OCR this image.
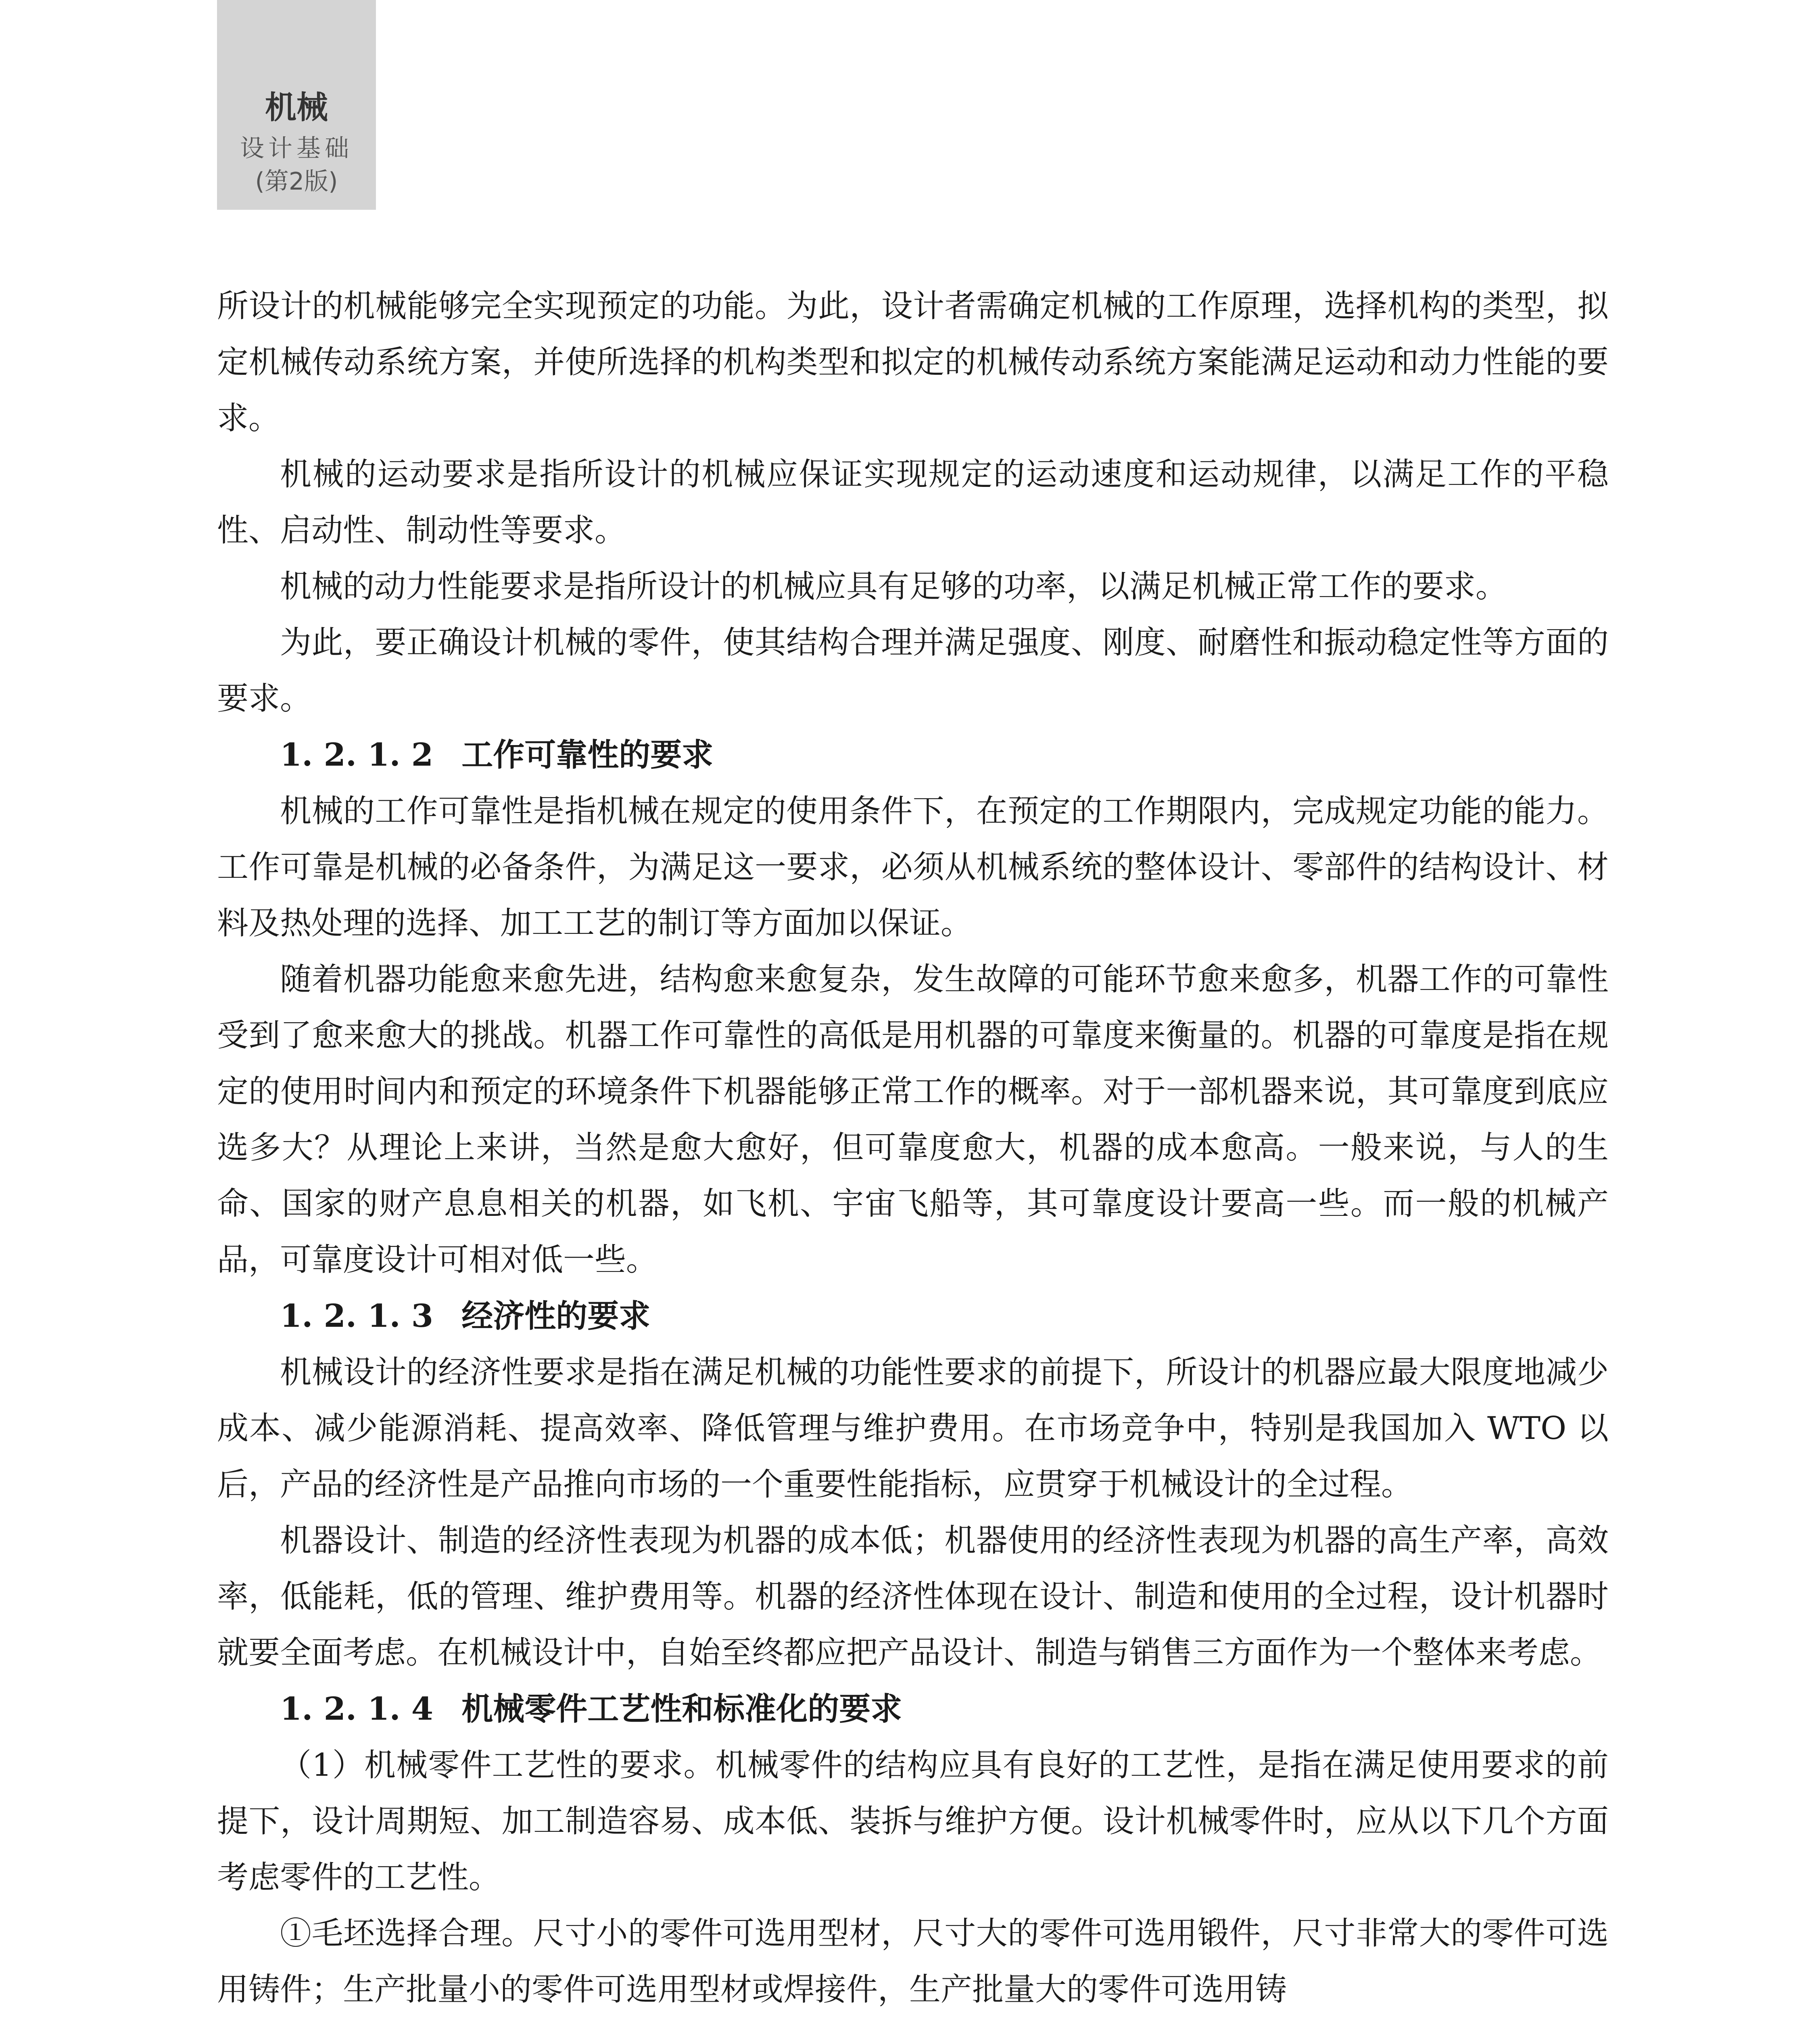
机械
设计基础
(第2版)

所设计的机械能够完全实现预定的功能。为此，设计者需确定机械的工作原理，选择机构的类型，拟定机械传动系统方案，并使所选择的机构类型和拟定的机械传动系统方案能满足运动和动力性能的要求。

机械的运动要求是指所设计的机械应保证实现规定的运动速度和运动规律，以满足工作的平稳性、启动性、制动性等要求。

机械的动力性能要求是指所设计的机械应具有足够的功率，以满足机械正常工作的要求。

为此，要正确设计机械的零件，使其结构合理并满足强度、刚度、耐磨性和振动稳定性等方面的要求。

1. 2. 1. 2 工作可靠性的要求

机械的工作可靠性是指机械在规定的使用条件下，在预定的工作期限内，完成规定功能的能力。工作可靠是机械的必备条件，为满足这一要求，必须从机械系统的整体设计、零部件的结构设计、材料及热处理的选择、加工工艺的制订等方面加以保证。

随着机器功能愈来愈先进，结构愈来愈复杂，发生故障的可能环节愈来愈多，机器工作的可靠性受到了愈来愈大的挑战。机器工作可靠性的高低是用机器的可靠度来衡量的。机器的可靠度是指在规定的使用时间内和预定的环境条件下机器能够正常工作的概率。对于一部机器来说，其可靠度到底应选多大？从理论上来讲，当然是愈大愈好，但可靠度愈大，机器的成本愈高。一般来说，与人的生命、国家的财产息息相关的机器，如飞机、宇宙飞船等，其可靠度设计要高一些。而一般的机械产品，可靠度设计可相对低一些。

1. 2. 1. 3 经济性的要求

机械设计的经济性要求是指在满足机械的功能性要求的前提下，所设计的机器应最大限度地减少成本、减少能源消耗、提高效率、降低管理与维护费用。在市场竞争中，特别是我国加入 WTO 以后，产品的经济性是产品推向市场的一个重要性能指标，应贯穿于机械设计的全过程。

机器设计、制造的经济性表现为机器的成本低；机器使用的经济性表现为机器的高生产率，高效率，低能耗，低的管理、维护费用等。机器的经济性体现在设计、制造和使用的全过程，设计机器时就要全面考虑。在机械设计中，自始至终都应把产品设计、制造与销售三方面作为一个整体来考虑。

1. 2. 1. 4 机械零件工艺性和标准化的要求

（1）机械零件工艺性的要求。机械零件的结构应具有良好的工艺性，是指在满足使用要求的前提下，设计周期短、加工制造容易、成本低、装拆与维护方便。设计机械零件时，应从以下几个方面考虑零件的工艺性。

①毛坯选择合理。尺寸小的零件可选用型材，尺寸大的零件可选用锻件，尺寸非常大的零件可选用铸件；生产批量小的零件可选用型材或焊接件，生产批量大的零件可选用铸
